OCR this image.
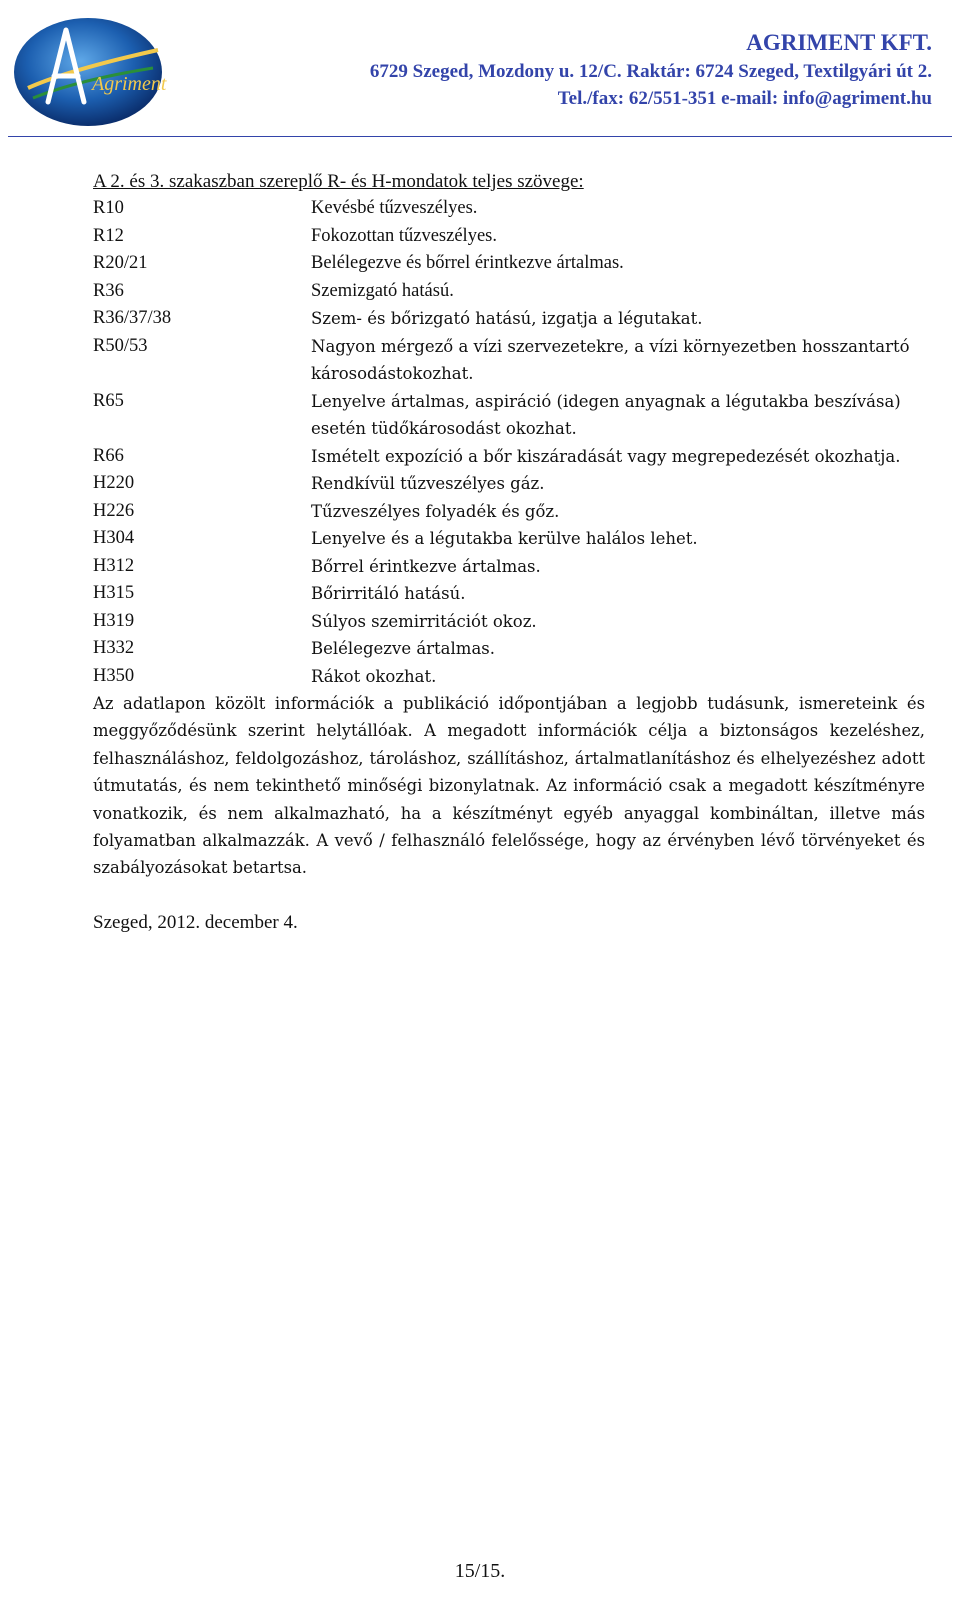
Agriment
AGRIMENT KFT.
6729 Szeged, Mozdony u. 12/C. Raktár: 6724 Szeged, Textilgyári út 2.
Tel./fax: 62/551-351 e-mail: info@agriment.hu
A 2. és 3. szakaszban szereplő R- és H-mondatok teljes szövege:
R10	Kevésbé tűzveszélyes.
R12	Fokozottan tűzveszélyes.
R20/21	Belélegezve és bőrrel érintkezve ártalmas.
R36	Szemizgató hatású.
R36/37/38	Szem- és bőrizgató hatású, izgatja a légutakat.
R50/53	Nagyon mérgező a vízi szervezetekre, a vízi környezetben hosszantartó károsodástokozhat.
R65	Lenyelve ártalmas, aspiráció (idegen anyagnak a légutakba beszívása) esetén tüdőkárosodást okozhat.
R66	Ismételt expozíció a bőr kiszáradását vagy megrepedezését okozhatja.
H220	Rendkívül tűzveszélyes gáz.
H226	Tűzveszélyes folyadék és gőz.
H304	Lenyelve és a légutakba kerülve halálos lehet.
H312	Bőrrel érintkezve ártalmas.
H315	Bőrirritáló hatású.
H319	Súlyos szemirritációt okoz.
H332	Belélegezve ártalmas.
H350	Rákot okozhat.

Az adatlapon közölt információk a publikáció időpontjában a legjobb tudásunk, ismereteink és meggyőződésünk szerint helytállóak. A megadott információk célja a biztonságos kezeléshez, felhasználáshoz, feldolgozáshoz, tároláshoz, szállításhoz, ártalmatlanításhoz és elhelyezéshez adott útmutatás, és nem tekinthető minőségi bizonylatnak. Az információ csak a megadott készítményre vonatkozik, és nem alkalmazható, ha a készítményt egyéb anyaggal kombináltan, illetve más folyamatban alkalmazzák. A vevő / felhasználó felelőssége, hogy az érvényben lévő törvényeket és szabályozásokat betartsa.

Szeged, 2012. december 4.
15/15.
